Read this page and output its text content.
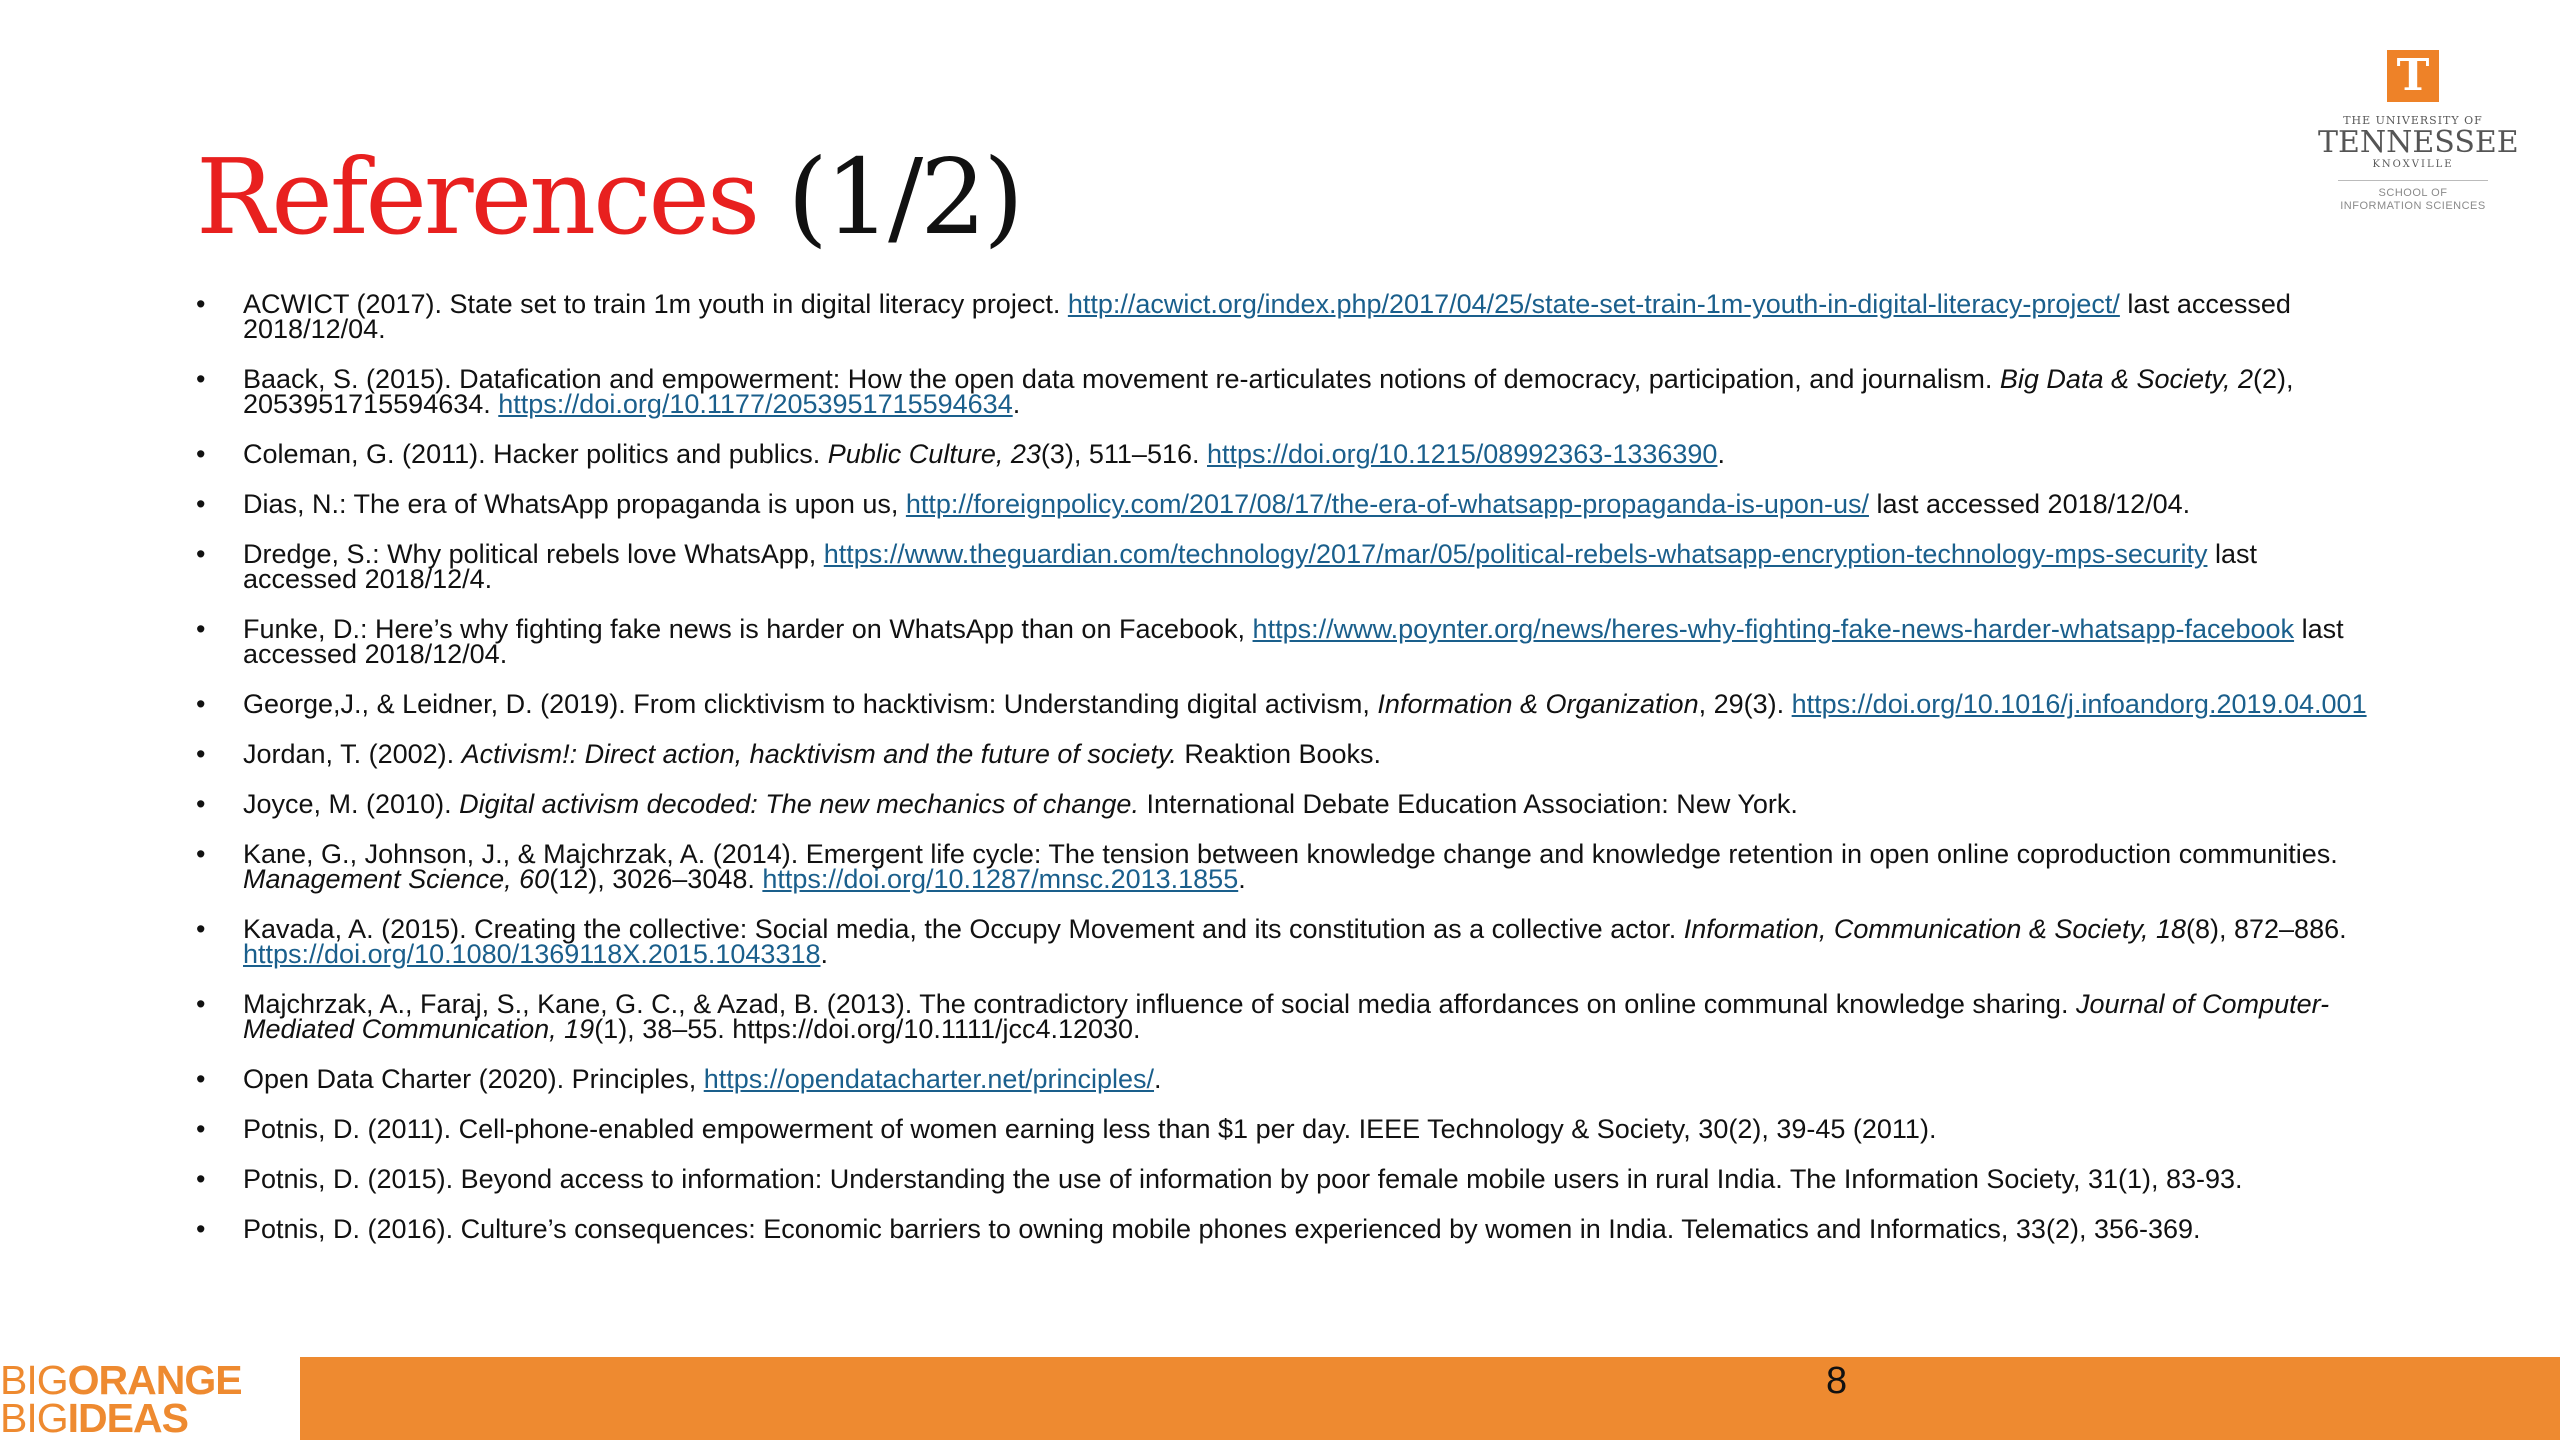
References (1/2)
T
THE UNIVERSITY OF
TENNESSEE
KNOXVILLE
SCHOOL OF
INFORMATION SCIENCES
• ACWICT (2017). State set to train 1m youth in digital literacy project. http://acwict.org/index.php/2017/04/25/state-set-train-1m-youth-in-digital-literacy-project/ last accessed 2018/12/04.
• Baack, S. (2015). Datafication and empowerment: How the open data movement re-articulates notions of democracy, participation, and journalism. Big Data & Society, 2(2), 2053951715594634. https://doi.org/10.1177/2053951715594634.
• Coleman, G. (2011). Hacker politics and publics. Public Culture, 23(3), 511–516. https://doi.org/10.1215/08992363-1336390.
• Dias, N.: The era of WhatsApp propaganda is upon us, http://foreignpolicy.com/2017/08/17/the-era-of-whatsapp-propaganda-is-upon-us/ last accessed 2018/12/04.
• Dredge, S.: Why political rebels love WhatsApp, https://www.theguardian.com/technology/2017/mar/05/political-rebels-whatsapp-encryption-technology-mps-security last accessed 2018/12/4.
• Funke, D.: Here’s why fighting fake news is harder on WhatsApp than on Facebook, https://www.poynter.org/news/heres-why-fighting-fake-news-harder-whatsapp-facebook last accessed 2018/12/04.
• George,J., & Leidner, D. (2019). From clicktivism to hacktivism: Understanding digital activism, Information & Organization, 29(3). https://doi.org/10.1016/j.infoandorg.2019.04.001
• Jordan, T. (2002). Activism!: Direct action, hacktivism and the future of society. Reaktion Books.
• Joyce, M. (2010). Digital activism decoded: The new mechanics of change. International Debate Education Association: New York.
• Kane, G., Johnson, J., & Majchrzak, A. (2014). Emergent life cycle: The tension between knowledge change and knowledge retention in open online coproduction communities. Management Science, 60(12), 3026–3048. https://doi.org/10.1287/mnsc.2013.1855.
• Kavada, A. (2015). Creating the collective: Social media, the Occupy Movement and its constitution as a collective actor. Information, Communication & Society, 18(8), 872–886. https://doi.org/10.1080/1369118X.2015.1043318.
• Majchrzak, A., Faraj, S., Kane, G. C., & Azad, B. (2013). The contradictory influence of social media affordances on online communal knowledge sharing. Journal of Computer-Mediated Communication, 19(1), 38–55. https://doi.org/10.1111/jcc4.12030.
• Open Data Charter (2020). Principles, https://opendatacharter.net/principles/.
• Potnis, D. (2011). Cell-phone-enabled empowerment of women earning less than $1 per day. IEEE Technology & Society, 30(2), 39-45 (2011).
• Potnis, D. (2015). Beyond access to information: Understanding the use of information by poor female mobile users in rural India. The Information Society, 31(1), 83-93.
• Potnis, D. (2016). Culture’s consequences: Economic barriers to owning mobile phones experienced by women in India. Telematics and Informatics, 33(2), 356-369.
BIGORANGE
BIGIDEAS
8
